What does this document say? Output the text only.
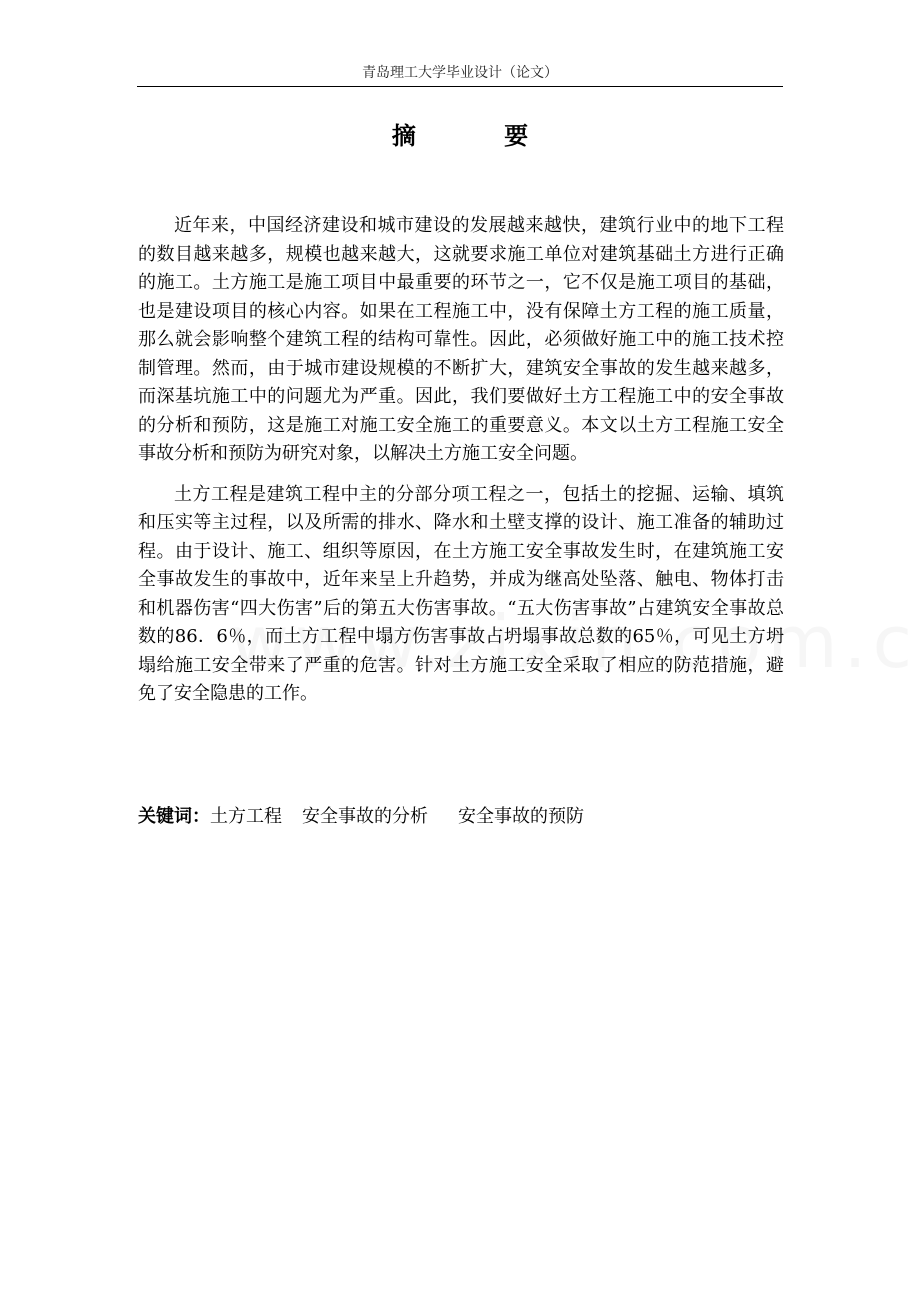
青岛理工大学毕业设计（论文）
摘 要

近年来，中国经济建设和城市建设的发展越来越快，建筑行业中的地下工程的数目越来越多，规模也越来越大，这就要求施工单位对建筑基础土方进行正确的施工。土方施工是施工项目中最重要的环节之一，它不仅是施工项目的基础，也是建设项目的核心内容。如果在工程施工中，没有保障土方工程的施工质量，那么就会影响整个建筑工程的结构可靠性。因此，必须做好施工中的施工技术控制管理。然而，由于城市建设规模的不断扩大，建筑安全事故的发生越来越多，而深基坑施工中的问题尤为严重。因此，我们要做好土方工程施工中的安全事故的分析和预防，这是施工对施工安全施工的重要意义。本文以土方工程施工安全事故分析和预防为研究对象，以解决土方施工安全问题。

土方工程是建筑工程中主的分部分项工程之一，包括土的挖掘、运输、填筑和压实等主过程，以及所需的排水、降水和土壁支撑的设计、施工准备的辅助过程。由于设计、施工、组织等原因，在土方施工安全事故发生时，在建筑施工安全事故发生的事故中，近年来呈上升趋势，并成为继高处坠落、触电、物体打击和机器伤害“四大伤害”后的第五大伤害事故。“五大伤害事故”占建筑安全事故总数的86．6％，而土方工程中塌方伤害事故占坍塌事故总数的65％，可见土方坍塌给施工安全带来了严重的危害。针对土方施工安全采取了相应的防范措施，避免了安全隐患的工作。

关键词：土方工程 安全事故的分析 安全事故的预防
